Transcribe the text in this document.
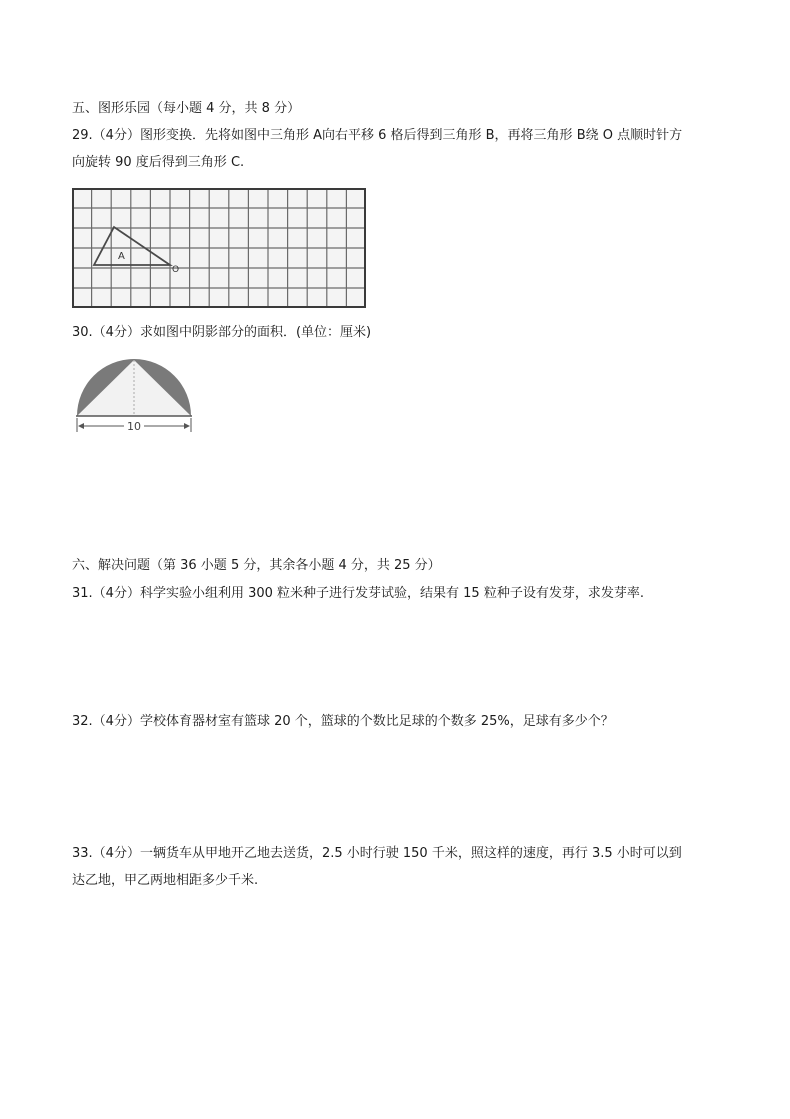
五、图形乐园（每小题 4 分，共 8 分）
29.（4分）图形变换．先将如图中三角形 A向右平移 6 格后得到三角形 B，再将三角形 B绕 O 点顺时针方
向旋转 90 度后得到三角形 C.
A
O
30.（4分）求如图中阴影部分的面积．(单位：厘米)
10
六、解决问题（第 36 小题 5 分，其余各小题 4 分，共 25 分）
31.（4分）科学实验小组利用 300 粒米种子进行发芽试验，结果有 15 粒种子设有发芽，求发芽率.
32.（4分）学校体育器材室有篮球 20 个，篮球的个数比足球的个数多 25%，足球有多少个？
33.（4分）一辆货车从甲地开乙地去送货，2.5 小时行驶 150 千米，照这样的速度，再行 3.5 小时可以到
达乙地，甲乙两地相距多少千米.
